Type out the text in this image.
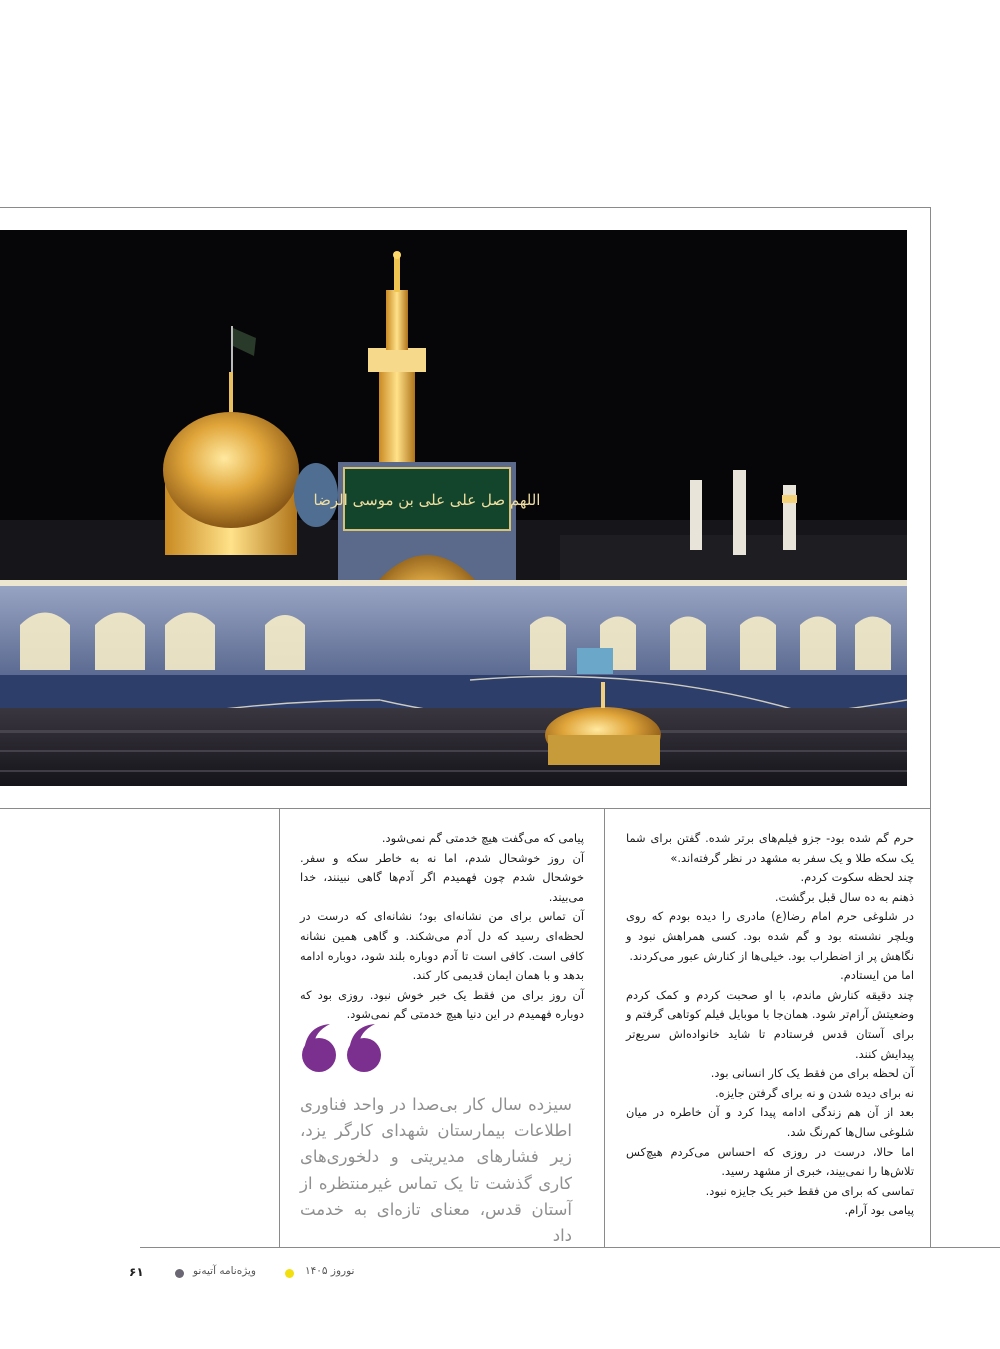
اللهم صل علی علی بن موسی الرضا

حرم گم شده بود- جزو فیلم‌های برتر شده. گفتن برای شما یک سکه طلا و یک سفر به مشهد در نظر گرفته‌اند.»

چند لحظه سکوت کردم.

ذهنم به ده سال قبل برگشت.

در شلوغی حرم امام رضا(ع) مادری را دیده بودم که روی ویلچر نشسته بود و گم شده بود. کسی همراهش نبود و نگاهش پر از اضطراب بود. خیلی‌ها از کنارش عبور می‌کردند.

اما من ایستادم.

چند دقیقه کنارش ماندم، با او صحبت کردم و کمک کردم وضعیتش آرام‌تر شود. همان‌جا با موبایل فیلم کوتاهی گرفتم و برای آستان قدس فرستادم تا شاید خانواده‌اش سریع‌تر پیدایش کنند.

آن لحظه برای من فقط یک کار انسانی بود.

نه برای دیده شدن و نه برای گرفتن جایزه.

بعد از آن هم زندگی ادامه پیدا کرد و آن خاطره در میان شلوغی سال‌ها کم‌رنگ شد.

اما حالا، درست در روزی که احساس می‌کردم هیچ‌کس تلاش‌ها را نمی‌بیند، خبری از مشهد رسید.

تماسی که برای من فقط خبر یک جایزه نبود.

پیامی بود آرام.

پیامی که می‌گفت هیچ خدمتی گم نمی‌شود.

آن روز خوشحال شدم، اما نه به خاطر سکه و سفر. خوشحال شدم چون فهمیدم اگر آدم‌ها گاهی نبینند، خدا می‌بیند.

آن تماس برای من نشانه‌ای بود؛ نشانه‌ای که درست در لحظه‌ای رسید که دل آدم می‌شکند. و گاهی همین نشانه کافی است. کافی است تا آدم دوباره بلند شود، دوباره ادامه بدهد و با همان ایمان قدیمی کار کند.

آن روز برای من فقط یک خبر خوش نبود. روزی بود که دوباره فهمیدم در این دنیا هیچ خدمتی گم نمی‌شود.

سیزده سال کار بی‌صدا در واحد فناوری اطلاعات بیمارستان شهدای کارگر یزد، زیر فشارهای مدیریتی و دلخوری‌های کاری گذشت تا یک تماس غیرمنتظره از آستان قدس، معنای تازه‌ای به خدمت داد

۶۱	ویژه‌نامه آتیه‌نو	نوروز ۱۴۰۵
